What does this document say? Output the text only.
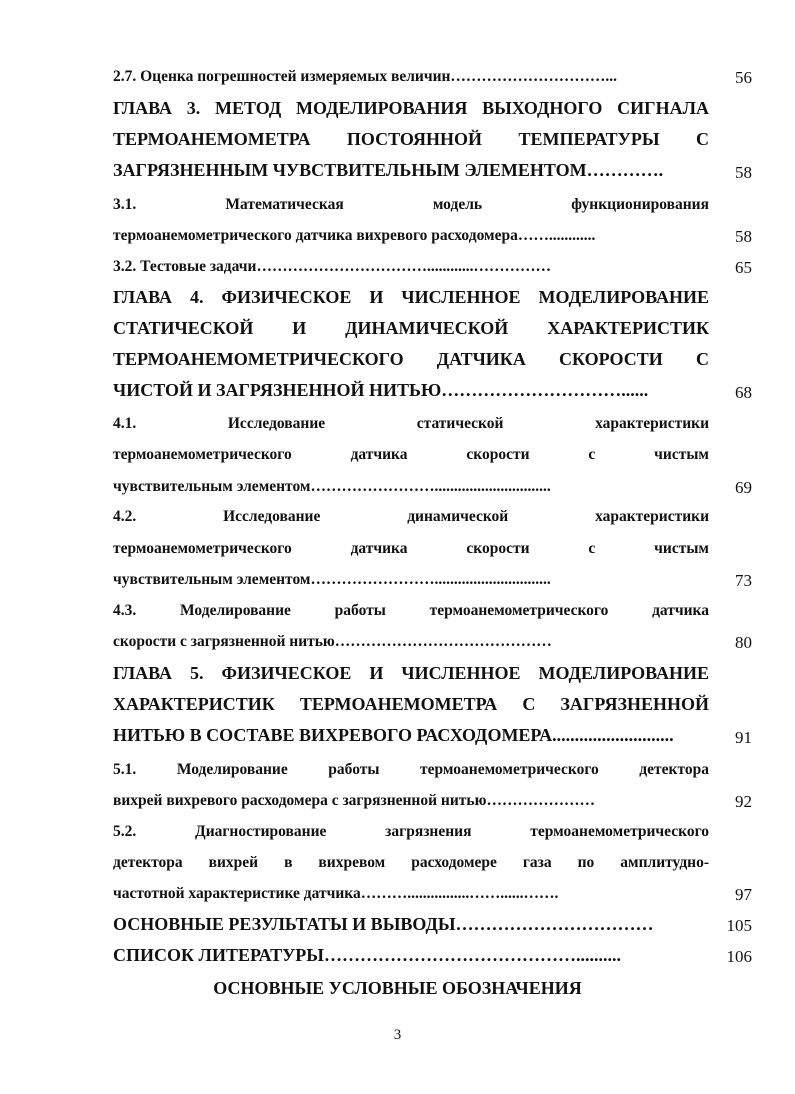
2.7. Оценка погрешностей измеряемых величин…………………………...	56
ГЛАВА 3. МЕТОД МОДЕЛИРОВАНИЯ ВЫХОДНОГО СИГНАЛА
ТЕРМОАНЕМОМЕТРА ПОСТОЯННОЙ ТЕМПЕРАТУРЫ С
ЗАГРЯЗНЕННЫМ ЧУВСТВИТЕЛЬНЫМ ЭЛЕМЕНТОМ………….	58
3.1. Математическая модель функционирования
термоанемометрического датчика вихревого расходомера……............	58
3.2. Тестовые задачи……………………………............……………	65
ГЛАВА 4. ФИЗИЧЕСКОЕ И ЧИСЛЕННОЕ МОДЕЛИРОВАНИЕ
СТАТИЧЕСКОЙ И ДИНАМИЧЕСКОЙ ХАРАКТЕРИСТИК
ТЕРМОАНЕМОМЕТРИЧЕСКОГО ДАТЧИКА СКОРОСТИ С
ЧИСТОЙ И ЗАГРЯЗНЕННОЙ НИТЬЮ…………………………......	68
4.1. Исследование статической характеристики
термоанемометрического датчика скорости с чистым
чувствительным элементом……………………..............................	69
4.2. Исследование динамической характеристики
термоанемометрического датчика скорости с чистым
чувствительным элементом……………………..............................	73
4.3. Моделирование работы термоанемометрического датчика
скорости с загрязненной нитью……………………………………	80
ГЛАВА 5. ФИЗИЧЕСКОЕ И ЧИСЛЕННОЕ МОДЕЛИРОВАНИЕ
ХАРАКТЕРИСТИК ТЕРМОАНЕМОМЕТРА С ЗАГРЯЗНЕННОЙ
НИТЬЮ В СОСТАВЕ ВИХРЕВОГО РАСХОДОМЕРА...........................	91
5.1. Моделирование работы термоанемометрического детектора
вихрей вихревого расходомера с загрязненной нитью…………………	92
5.2. Диагностирование загрязнения термоанемометрического
детектора вихрей в вихревом расходомере газа по амплитудно-
частотной характеристике датчика………................……......…….	97
ОСНОВНЫЕ РЕЗУЛЬТАТЫ И ВЫВОДЫ……………………………	105
СПИСОК ЛИТЕРАТУРЫ……………………………………..........	106
ОСНОВНЫЕ УСЛОВНЫЕ ОБОЗНАЧЕНИЯ
3
